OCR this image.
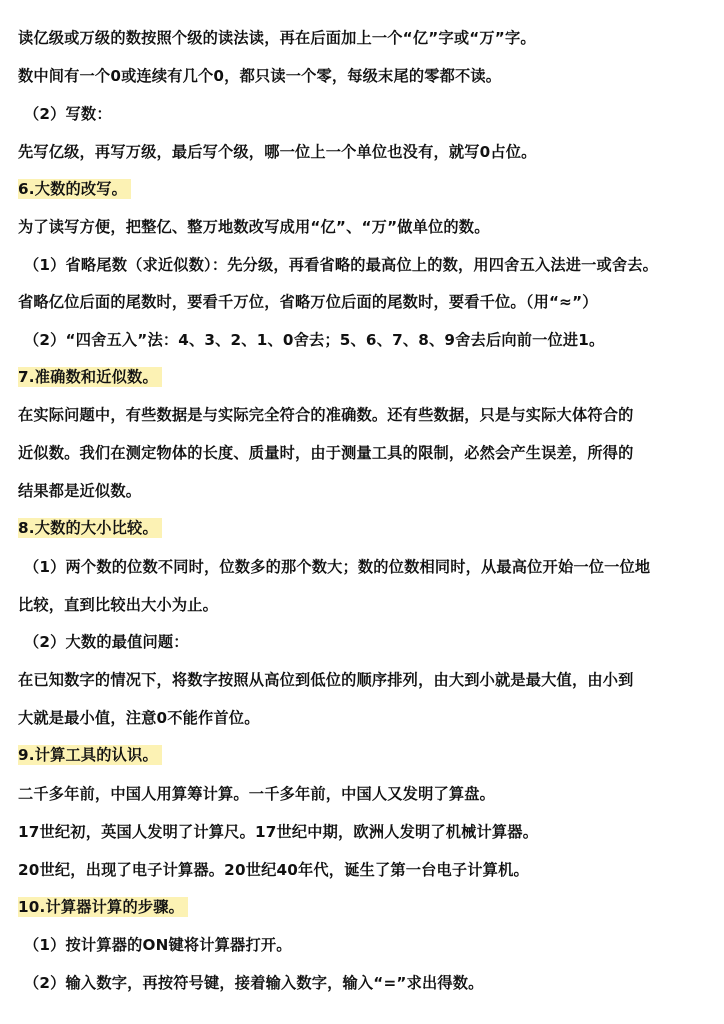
读亿级或万级的数按照个级的读法读，再在后面加上一个“亿”字或“万”字。
数中间有一个0或连续有几个0，都只读一个零，每级末尾的零都不读。
（2）写数：
先写亿级，再写万级，最后写个级，哪一位上一个单位也没有，就写0占位。
6.大数的改写。
为了读写方便，把整亿、整万地数改写成用“亿”、“万”做单位的数。
（1）省略尾数（求近似数）：先分级，再看省略的最高位上的数，用四舍五入法进一或舍去。
省略亿位后面的尾数时，要看千万位，省略万位后面的尾数时，要看千位。（用“≈”）
（2）“四舍五入”法：4、3、2、1、0舍去；5、6、7、8、9舍去后向前一位进1。
7.准确数和近似数。
在实际问题中，有些数据是与实际完全符合的准确数。还有些数据，只是与实际大体符合的
近似数。我们在测定物体的长度、质量时，由于测量工具的限制，必然会产生误差，所得的
结果都是近似数。
8.大数的大小比较。
（1）两个数的位数不同时，位数多的那个数大；数的位数相同时，从最高位开始一位一位地
比较，直到比较出大小为止。
（2）大数的最值问题：
在已知数字的情况下，将数字按照从高位到低位的顺序排列，由大到小就是最大值，由小到
大就是最小值，注意0不能作首位。
9.计算工具的认识。
二千多年前，中国人用算筹计算。一千多年前，中国人又发明了算盘。
17世纪初，英国人发明了计算尺。17世纪中期，欧洲人发明了机械计算器。
20世纪，出现了电子计算器。20世纪40年代，诞生了第一台电子计算机。
10.计算器计算的步骤。
（1）按计算器的ON键将计算器打开。
（2）输入数字，再按符号键，接着输入数字，输入“=”求出得数。
